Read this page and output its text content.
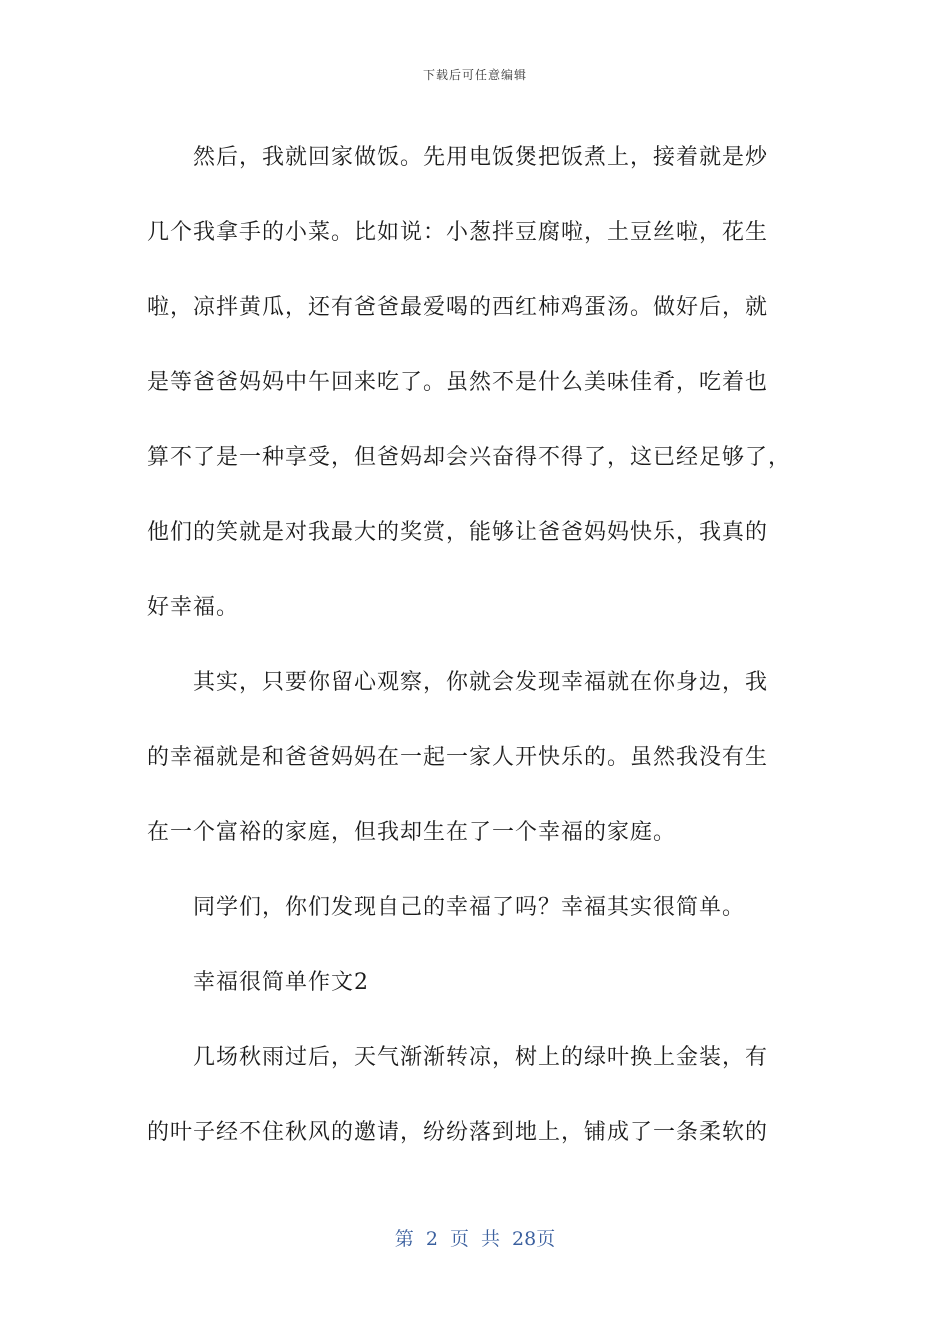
下载后可任意编辑
然后，我就回家做饭。先用电饭煲把饭煮上，接着就是炒
几个我拿手的小菜。比如说：小葱拌豆腐啦，土豆丝啦，花生
啦，凉拌黄瓜，还有爸爸最爱喝的西红柿鸡蛋汤。做好后，就
是等爸爸妈妈中午回来吃了。虽然不是什么美味佳肴，吃着也
算不了是一种享受，但爸妈却会兴奋得不得了，这已经足够了，
他们的笑就是对我最大的奖赏，能够让爸爸妈妈快乐，我真的
好幸福。
其实，只要你留心观察，你就会发现幸福就在你身边，我
的幸福就是和爸爸妈妈在一起一家人开快乐的。虽然我没有生
在一个富裕的家庭，但我却生在了一个幸福的家庭。
同学们，你们发现自己的幸福了吗？幸福其实很简单。
幸福很简单作文2
几场秋雨过后，天气渐渐转凉，树上的绿叶换上金装，有
的叶子经不住秋风的邀请，纷纷落到地上，铺成了一条柔软的
第 2 页 共 28页
